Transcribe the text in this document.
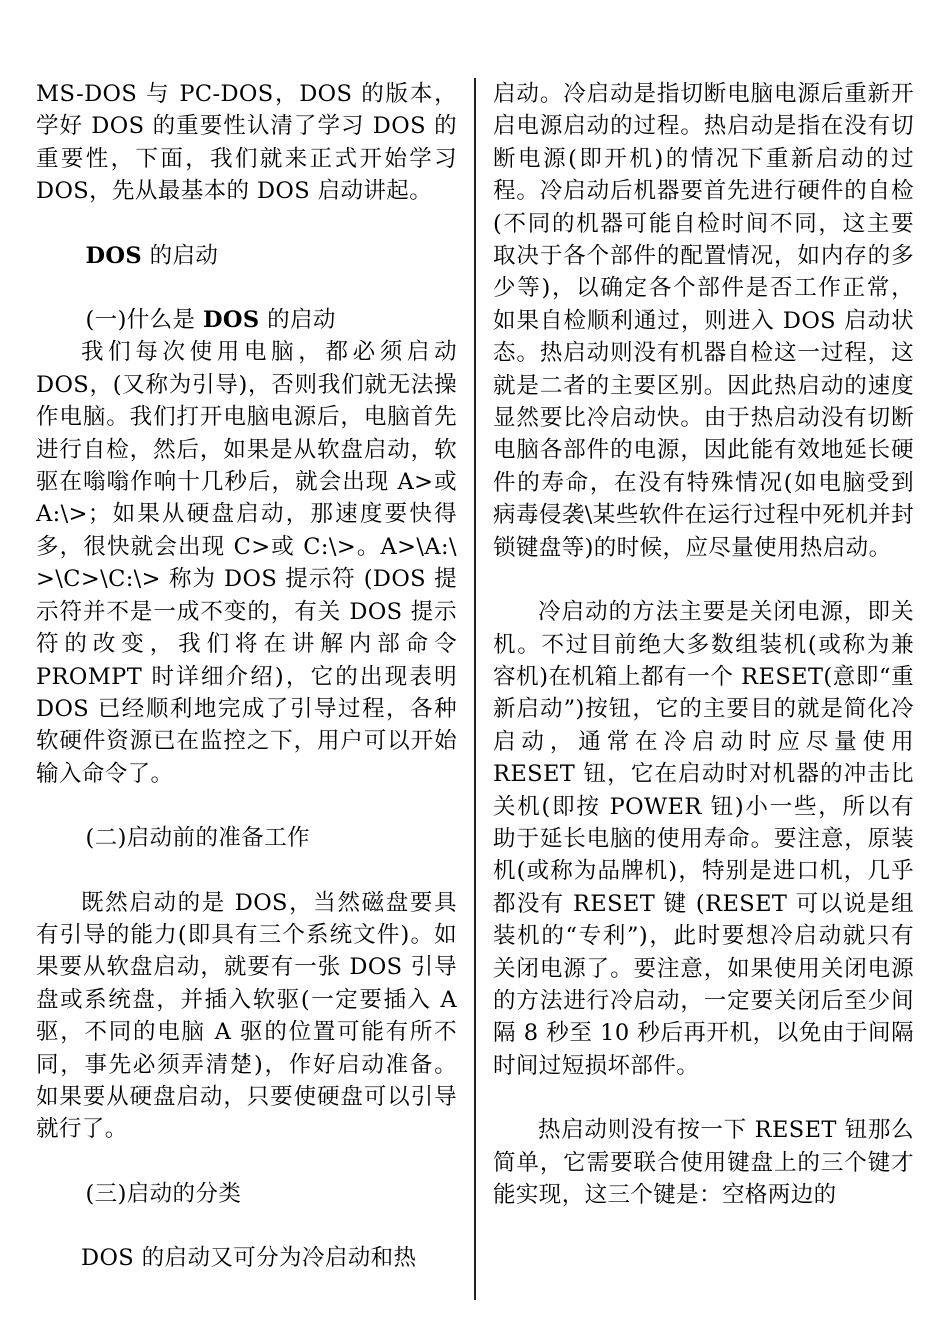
MS-DOS 与 PC-DOS，DOS 的版本，学好 DOS 的重要性认清了学习 DOS 的重要性，下面，我们就来正式开始学习 DOS，先从最基本的 DOS 启动讲起。

DOS 的启动

(一)什么是 DOS 的启动

我们每次使用电脑，都必须启动 DOS，(又称为引导)，否则我们就无法操作电脑。我们打开电脑电源后，电脑首先进行自检，然后，如果是从软盘启动，软驱在嗡嗡作响十几秒后，就会出现 A>或 A:\>；如果从硬盘启动，那速度要快得多，很快就会出现 C>或 C:\>。A>\A:\ >\C>\C:\> 称为 DOS 提示符 (DOS 提示符并不是一成不变的，有关 DOS 提示符的改变，我们将在讲解内部命令 PROMPT 时详细介绍)，它的出现表明 DOS 已经顺利地完成了引导过程，各种软硬件资源已在监控之下，用户可以开始输入命令了。

(二)启动前的准备工作

既然启动的是 DOS，当然磁盘要具有引导的能力(即具有三个系统文件)。如果要从软盘启动，就要有一张 DOS 引导盘或系统盘，并插入软驱(一定要插入 A 驱，不同的电脑 A 驱的位置可能有所不同，事先必须弄清楚)，作好启动准备。如果要从硬盘启动，只要使硬盘可以引导就行了。

(三)启动的分类

DOS 的启动又可分为冷启动和热

启动。冷启动是指切断电脑电源后重新开启电源启动的过程。热启动是指在没有切断电源(即开机)的情况下重新启动的过程。冷启动后机器要首先进行硬件的自检(不同的机器可能自检时间不同，这主要取决于各个部件的配置情况，如内存的多少等)，以确定各个部件是否工作正常，如果自检顺利通过，则进入 DOS 启动状态。热启动则没有机器自检这一过程，这就是二者的主要区别。因此热启动的速度显然要比冷启动快。由于热启动没有切断电脑各部件的电源，因此能有效地延长硬件的寿命，在没有特殊情况(如电脑受到病毒侵袭\某些软件在运行过程中死机并封锁键盘等)的时候，应尽量使用热启动。

冷启动的方法主要是关闭电源，即关机。不过目前绝大多数组装机(或称为兼容机)在机箱上都有一个 RESET(意即“重新启动”)按钮，它的主要目的就是简化冷启动，通常在冷启动时应尽量使用 RESET 钮，它在启动时对机器的冲击比关机(即按 POWER 钮)小一些，所以有助于延长电脑的使用寿命。要注意，原装机(或称为品牌机)，特别是进口机，几乎都没有 RESET 键 (RESET 可以说是组装机的“专利”)，此时要想冷启动就只有关闭电源了。要注意，如果使用关闭电源的方法进行冷启动，一定要关闭后至少间隔 8 秒至 10 秒后再开机，以免由于间隔时间过短损坏部件。

热启动则没有按一下 RESET 钮那么简单，它需要联合使用键盘上的三个键才能实现，这三个键是：空格两边的
